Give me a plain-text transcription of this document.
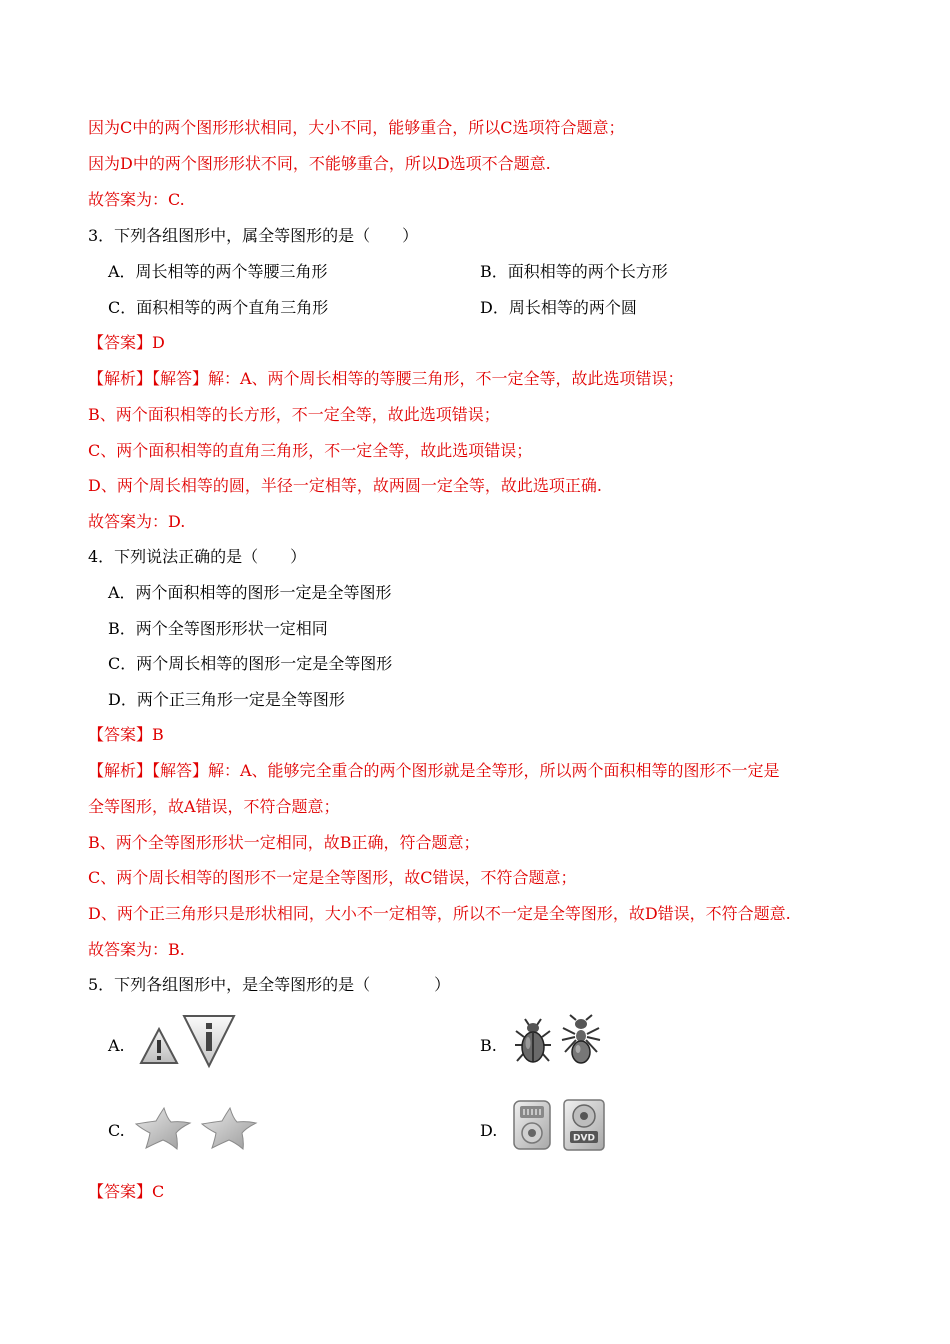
因为C中的两个图形形状相同，大小不同，能够重合，所以C选项符合题意；
因为D中的两个图形形状不同，不能够重合，所以D选项不合题意.
故答案为：C.
3．下列各组图形中，属全等图形的是（　　）
A．周长相等的两个等腰三角形	B．面积相等的两个长方形
C．面积相等的两个直角三角形	D．周长相等的两个圆
【答案】D
【解析】【解答】解：A、两个周长相等的等腰三角形，不一定全等，故此选项错误；
B、两个面积相等的长方形，不一定全等，故此选项错误；
C、两个面积相等的直角三角形，不一定全等，故此选项错误；
D、两个周长相等的圆，半径一定相等，故两圆一定全等，故此选项正确.
故答案为：D.
4．下列说法正确的是（　　）
A．两个面积相等的图形一定是全等图形
B．两个全等图形形状一定相同
C．两个周长相等的图形一定是全等图形
D．两个正三角形一定是全等图形
【答案】B
【解析】【解答】解：A、能够完全重合的两个图形就是全等形，所以两个面积相等的图形不一定是
全等图形，故A错误，不符合题意；
B、两个全等图形形状一定相同，故B正确，符合题意；
C、两个周长相等的图形不一定是全等图形，故C错误，不符合题意；
D、两个正三角形只是形状相同，大小不一定相等，所以不一定是全等图形，故D错误，不符合题意.
故答案为：B.
5．下列各组图形中，是全等图形的是（　　　　）
A.	B.
C.	D.	DVD
【答案】C
